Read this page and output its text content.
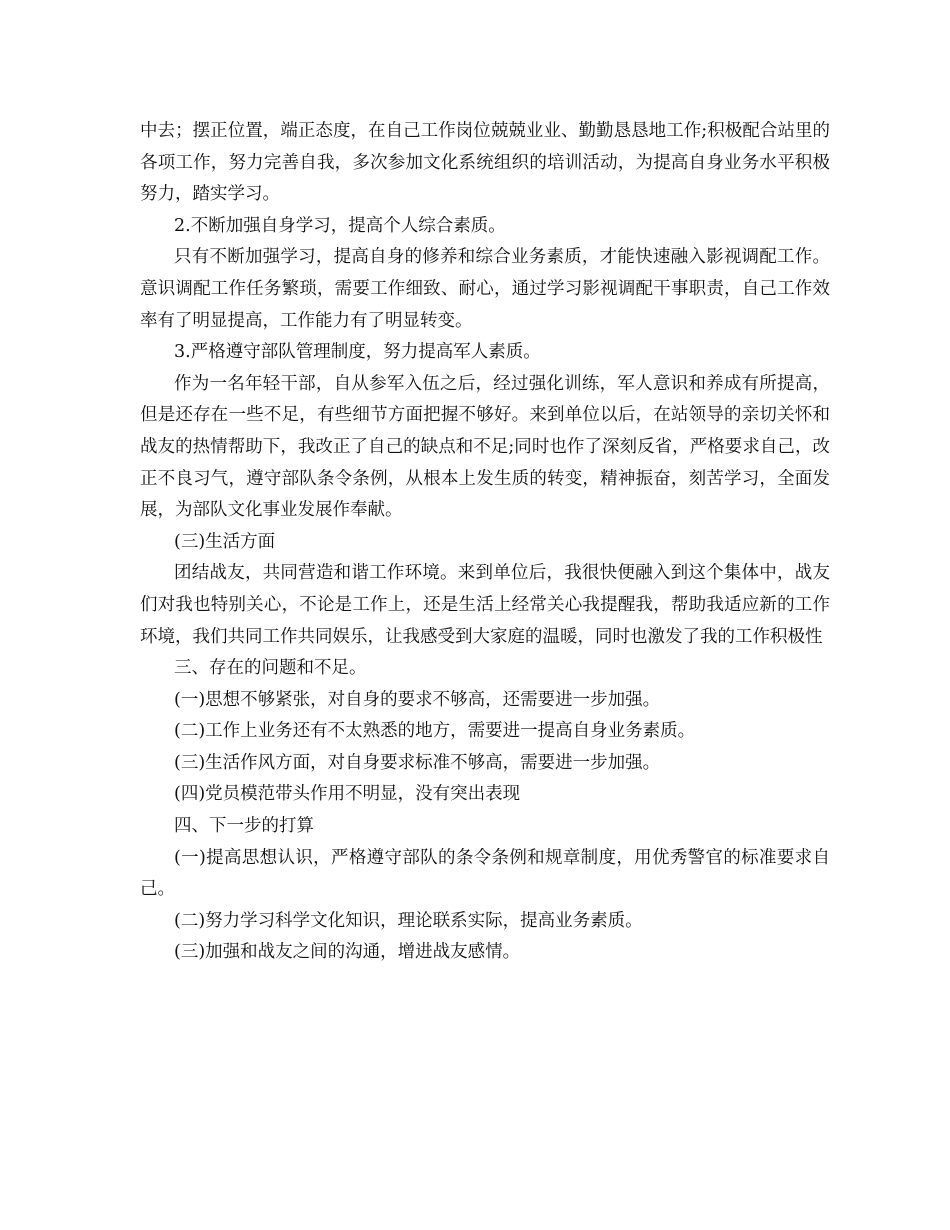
中去；摆正位置，端正态度，在自己工作岗位兢兢业业、勤勤恳恳地工作;积极配合站里的各项工作，努力完善自我，多次参加文化系统组织的培训活动，为提高自身业务水平积极努力，踏实学习。

2.不断加强自身学习，提高个人综合素质。

只有不断加强学习，提高自身的修养和综合业务素质，才能快速融入影视调配工作。意识调配工作任务繁琐，需要工作细致、耐心，通过学习影视调配干事职责，自己工作效率有了明显提高，工作能力有了明显转变。

3.严格遵守部队管理制度，努力提高军人素质。

作为一名年轻干部，自从参军入伍之后，经过强化训练，军人意识和养成有所提高，但是还存在一些不足，有些细节方面把握不够好。来到单位以后，在站领导的亲切关怀和战友的热情帮助下，我改正了自己的缺点和不足;同时也作了深刻反省，严格要求自己，改正不良习气，遵守部队条令条例，从根本上发生质的转变，精神振奋，刻苦学习，全面发展，为部队文化事业发展作奉献。

(三)生活方面

团结战友，共同营造和谐工作环境。来到单位后，我很快便融入到这个集体中，战友们对我也特别关心，不论是工作上，还是生活上经常关心我提醒我，帮助我适应新的工作环境，我们共同工作共同娱乐，让我感受到大家庭的温暖，同时也激发了我的工作积极性

三、存在的问题和不足。

(一)思想不够紧张，对自身的要求不够高，还需要进一步加强。

(二)工作上业务还有不太熟悉的地方，需要进一提高自身业务素质。

(三)生活作风方面，对自身要求标准不够高，需要进一步加强。

(四)党员模范带头作用不明显，没有突出表现

四、下一步的打算

(一)提高思想认识，严格遵守部队的条令条例和规章制度，用优秀警官的标准要求自己。

(二)努力学习科学文化知识，理论联系实际，提高业务素质。

(三)加强和战友之间的沟通，增进战友感情。
